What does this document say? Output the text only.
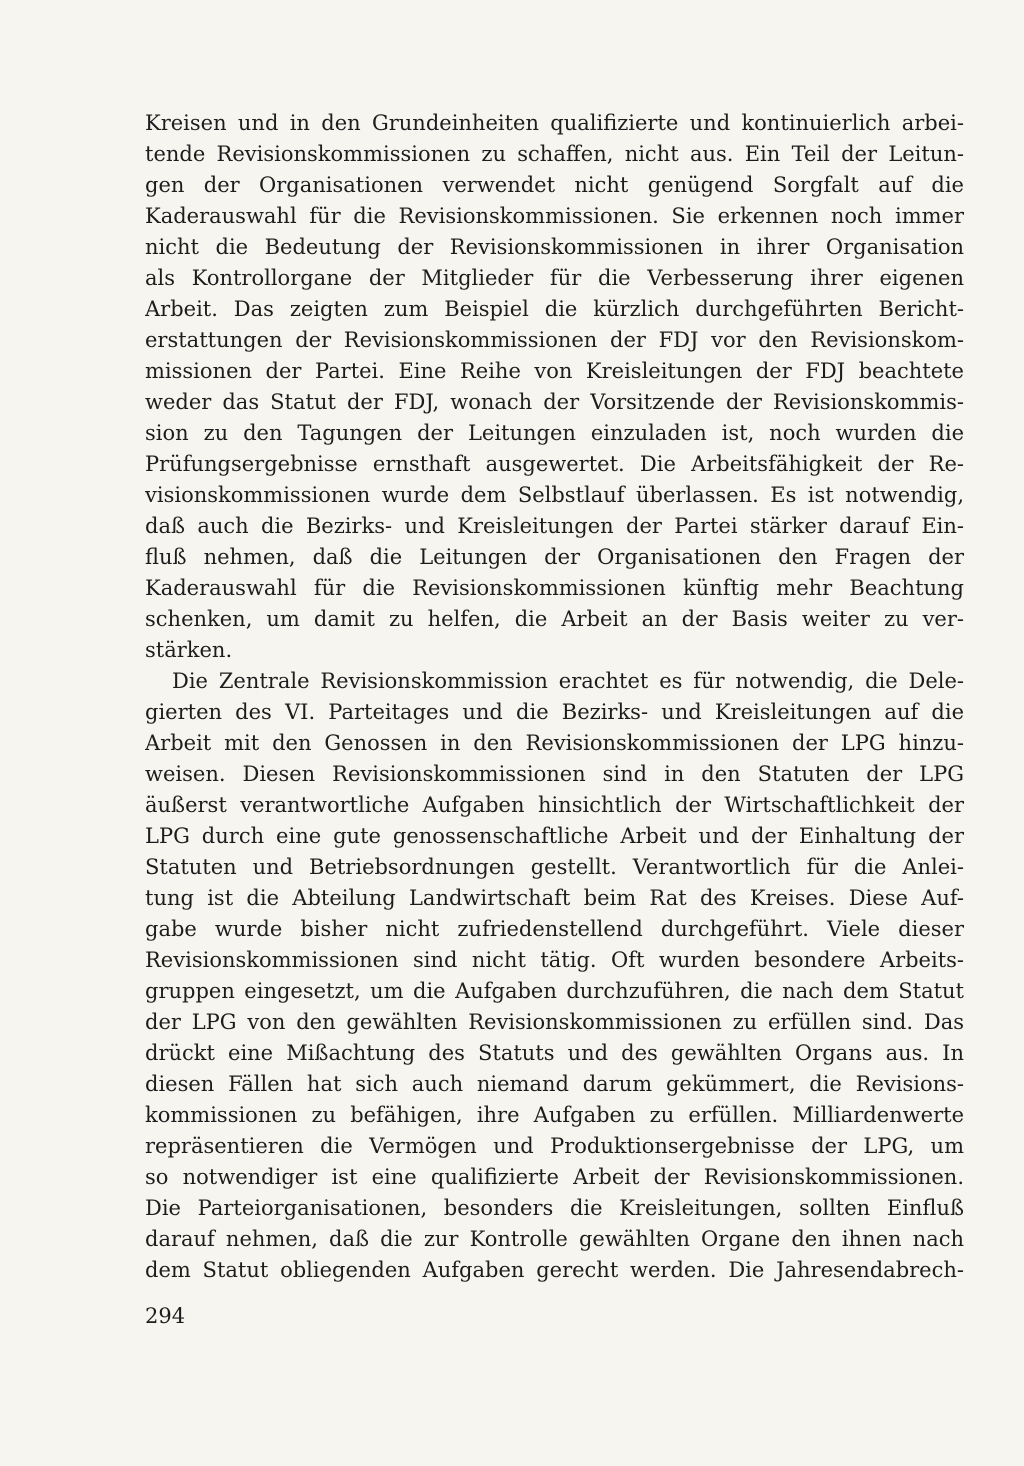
Kreisen und in den Grundeinheiten qualifizierte und kontinuierlich arbei-
tende Revisionskommissionen zu schaffen, nicht aus. Ein Teil der Leitun-
gen der Organisationen verwendet nicht genügend Sorgfalt auf die
Kaderauswahl für die Revisionskommissionen. Sie erkennen noch immer
nicht die Bedeutung der Revisionskommissionen in ihrer Organisation
als Kontrollorgane der Mitglieder für die Verbesserung ihrer eigenen
Arbeit. Das zeigten zum Beispiel die kürzlich durchgeführten Bericht-
erstattungen der Revisionskommissionen der FDJ vor den Revisionskom-
missionen der Partei. Eine Reihe von Kreisleitungen der FDJ beachtete
weder das Statut der FDJ, wonach der Vorsitzende der Revisionskommis-
sion zu den Tagungen der Leitungen einzuladen ist, noch wurden die
Prüfungsergebnisse ernsthaft ausgewertet. Die Arbeitsfähigkeit der Re-
visionskommissionen wurde dem Selbstlauf überlassen. Es ist notwendig,
daß auch die Bezirks- und Kreisleitungen der Partei stärker darauf Ein-
fluß nehmen, daß die Leitungen der Organisationen den Fragen der
Kaderauswahl für die Revisionskommissionen künftig mehr Beachtung
schenken, um damit zu helfen, die Arbeit an der Basis weiter zu ver-
stärken.
Die Zentrale Revisionskommission erachtet es für notwendig, die Dele-
gierten des VI. Parteitages und die Bezirks- und Kreisleitungen auf die
Arbeit mit den Genossen in den Revisionskommissionen der LPG hinzu-
weisen. Diesen Revisionskommissionen sind in den Statuten der LPG
äußerst verantwortliche Aufgaben hinsichtlich der Wirtschaftlichkeit der
LPG durch eine gute genossenschaftliche Arbeit und der Einhaltung der
Statuten und Betriebsordnungen gestellt. Verantwortlich für die Anlei-
tung ist die Abteilung Landwirtschaft beim Rat des Kreises. Diese Auf-
gabe wurde bisher nicht zufriedenstellend durchgeführt. Viele dieser
Revisionskommissionen sind nicht tätig. Oft wurden besondere Arbeits-
gruppen eingesetzt, um die Aufgaben durchzuführen, die nach dem Statut
der LPG von den gewählten Revisionskommissionen zu erfüllen sind. Das
drückt eine Mißachtung des Statuts und des gewählten Organs aus. In
diesen Fällen hat sich auch niemand darum gekümmert, die Revisions-
kommissionen zu befähigen, ihre Aufgaben zu erfüllen. Milliardenwerte
repräsentieren die Vermögen und Produktionsergebnisse der LPG, um
so notwendiger ist eine qualifizierte Arbeit der Revisionskommissionen.
Die Parteiorganisationen, besonders die Kreisleitungen, sollten Einfluß
darauf nehmen, daß die zur Kontrolle gewählten Organe den ihnen nach
dem Statut obliegenden Aufgaben gerecht werden. Die Jahresendabrech-
294
